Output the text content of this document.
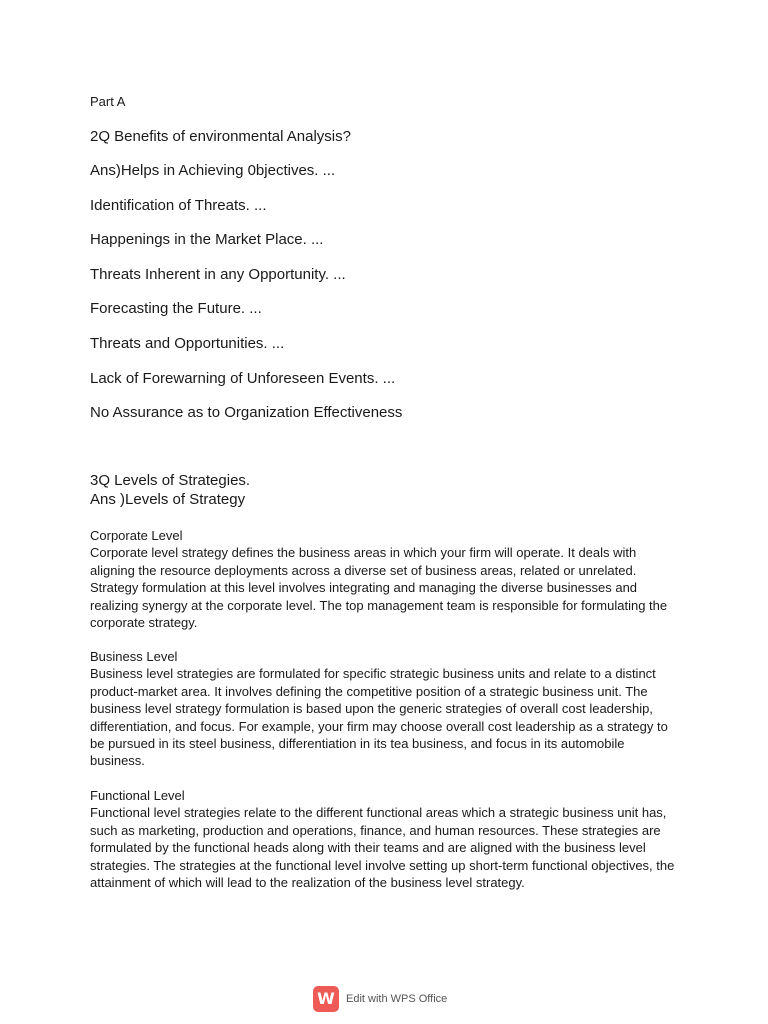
Part A
2Q Benefits of environmental Analysis?
Ans)Helps in Achieving 0bjectives. ...
Identification of Threats. ...
Happenings in the Market Place. ...
Threats Inherent in any Opportunity. ...
Forecasting the Future. ...
Threats and Opportunities. ...
Lack of Forewarning of Unforeseen Events. ...
No Assurance as to Organization Effectiveness
3Q Levels of Strategies.
Ans )Levels of Strategy
Corporate Level
Corporate level strategy defines the business areas in which your firm will operate. It deals with aligning the resource deployments across a diverse set of business areas, related or unrelated. Strategy formulation at this level involves integrating and managing the diverse businesses and realizing synergy at the corporate level. The top management team is responsible for formulating the corporate strategy.
Business Level
Business level strategies are formulated for specific strategic business units and relate to a distinct product-market area. It involves defining the competitive position of a strategic business unit. The business level strategy formulation is based upon the generic strategies of overall cost leadership, differentiation, and focus. For example, your firm may choose overall cost leadership as a strategy to be pursued in its steel business, differentiation in its tea business, and focus in its automobile business.
Functional Level
Functional level strategies relate to the different functional areas which a strategic business unit has, such as marketing, production and operations, finance, and human resources. These strategies are formulated by the functional heads along with their teams and are aligned with the business level strategies. The strategies at the functional level involve setting up short-term functional objectives, the attainment of which will lead to the realization of the business level strategy.
W	Edit with WPS Office
